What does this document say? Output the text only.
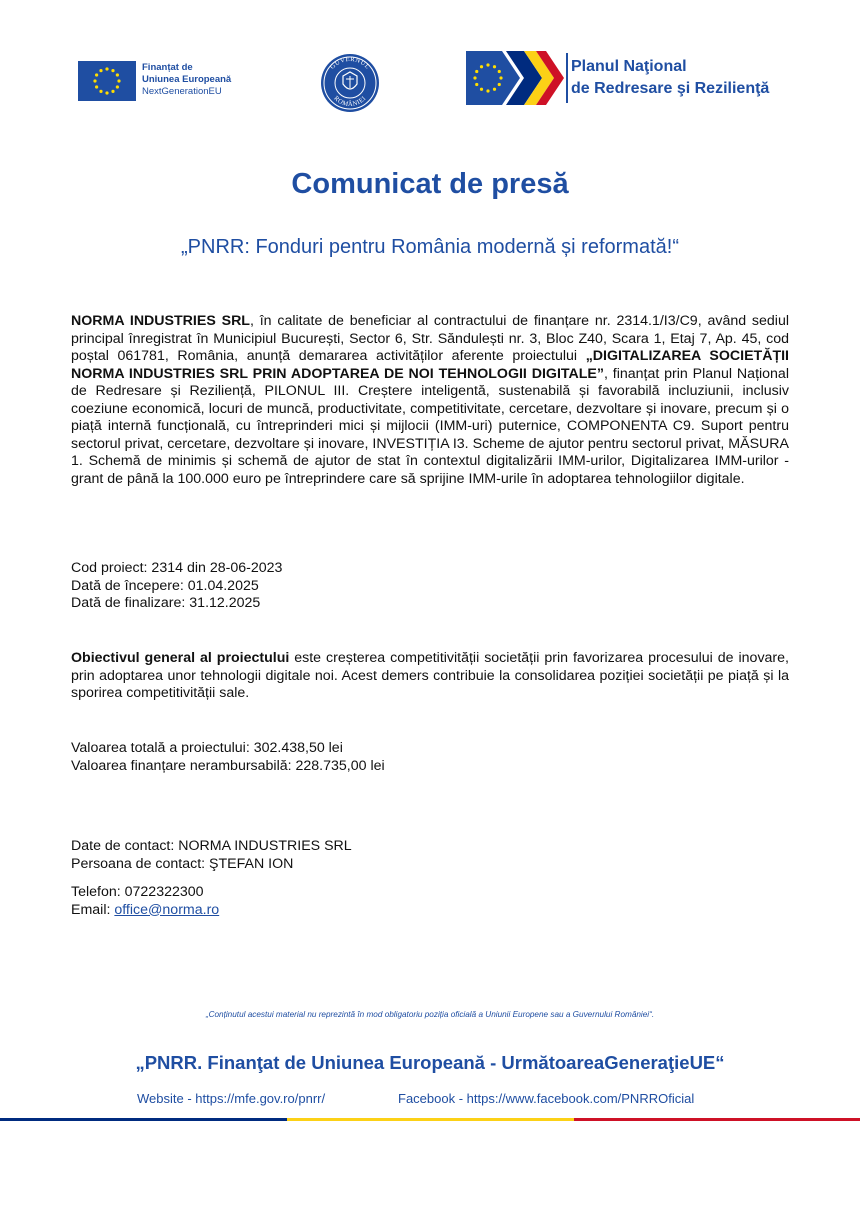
Finanțat de
Uniunea Europeană
NextGenerationEU
GUVERNUL
ROMÂNIEI
Planul Naţional
de Redresare şi Rezilienţă
Comunicat de presă
„PNRR: Fonduri pentru România modernă și reformată!“
NORMA INDUSTRIES SRL, în calitate de beneficiar al contractului de finanțare nr. 2314.1/I3/C9, având sediul principal înregistrat în Municipiul București, Sector 6, Str. Săndulești nr. 3, Bloc Z40, Scara 1, Etaj 7, Ap. 45, cod poștal 061781, România, anunță demararea activităților aferente proiectului „DIGITALIZAREA SOCIETĂȚII NORMA INDUSTRIES SRL PRIN ADOPTAREA DE NOI TEHNOLOGII DIGITALE”, finanțat prin Planul Național de Redresare și Reziliență, PILONUL III. Creștere inteligentă, sustenabilă și favorabilă incluziunii, inclusiv coeziune economică, locuri de muncă, productivitate, competitivitate, cercetare, dezvoltare și inovare, precum și o piață internă funcțională, cu întreprinderi mici și mijlocii (IMM-uri) puternice, COMPONENTA C9. Suport pentru sectorul privat, cercetare, dezvoltare și inovare, INVESTIȚIA I3. Scheme de ajutor pentru sectorul privat, MĂSURA 1. Schemă de minimis și schemă de ajutor de stat în contextul digitalizării IMM-urilor, Digitalizarea IMM-urilor - grant de până la 100.000 euro pe întreprindere care să sprijine IMM-urile în adoptarea tehnologiilor digitale.
Cod proiect: 2314 din 28-06-2023
Dată de începere: 01.04.2025
Dată de finalizare: 31.12.2025
Obiectivul general al proiectului este creșterea competitivității societății prin favorizarea procesului de inovare, prin adoptarea unor tehnologii digitale noi. Acest demers contribuie la consolidarea poziției societății pe piață și la sporirea competitivității sale.
Valoarea totală a proiectului: 302.438,50 lei
Valoarea finanțare nerambursabilă: 228.735,00 lei
Date de contact: NORMA INDUSTRIES SRL
Persoana de contact: ŞTEFAN ION
Telefon: 0722322300
Email: office@norma.ro
„Conținutul acestui material nu reprezintă în mod obligatoriu poziția oficială a Uniunii Europene sau a Guvernului României“.
„PNRR. Finanţat de Uniunea Europeană - UrmătoareaGeneraţieUE“
Website - https://mfe.gov.ro/pnrr/	Facebook - https://www.facebook.com/PNRROficial
